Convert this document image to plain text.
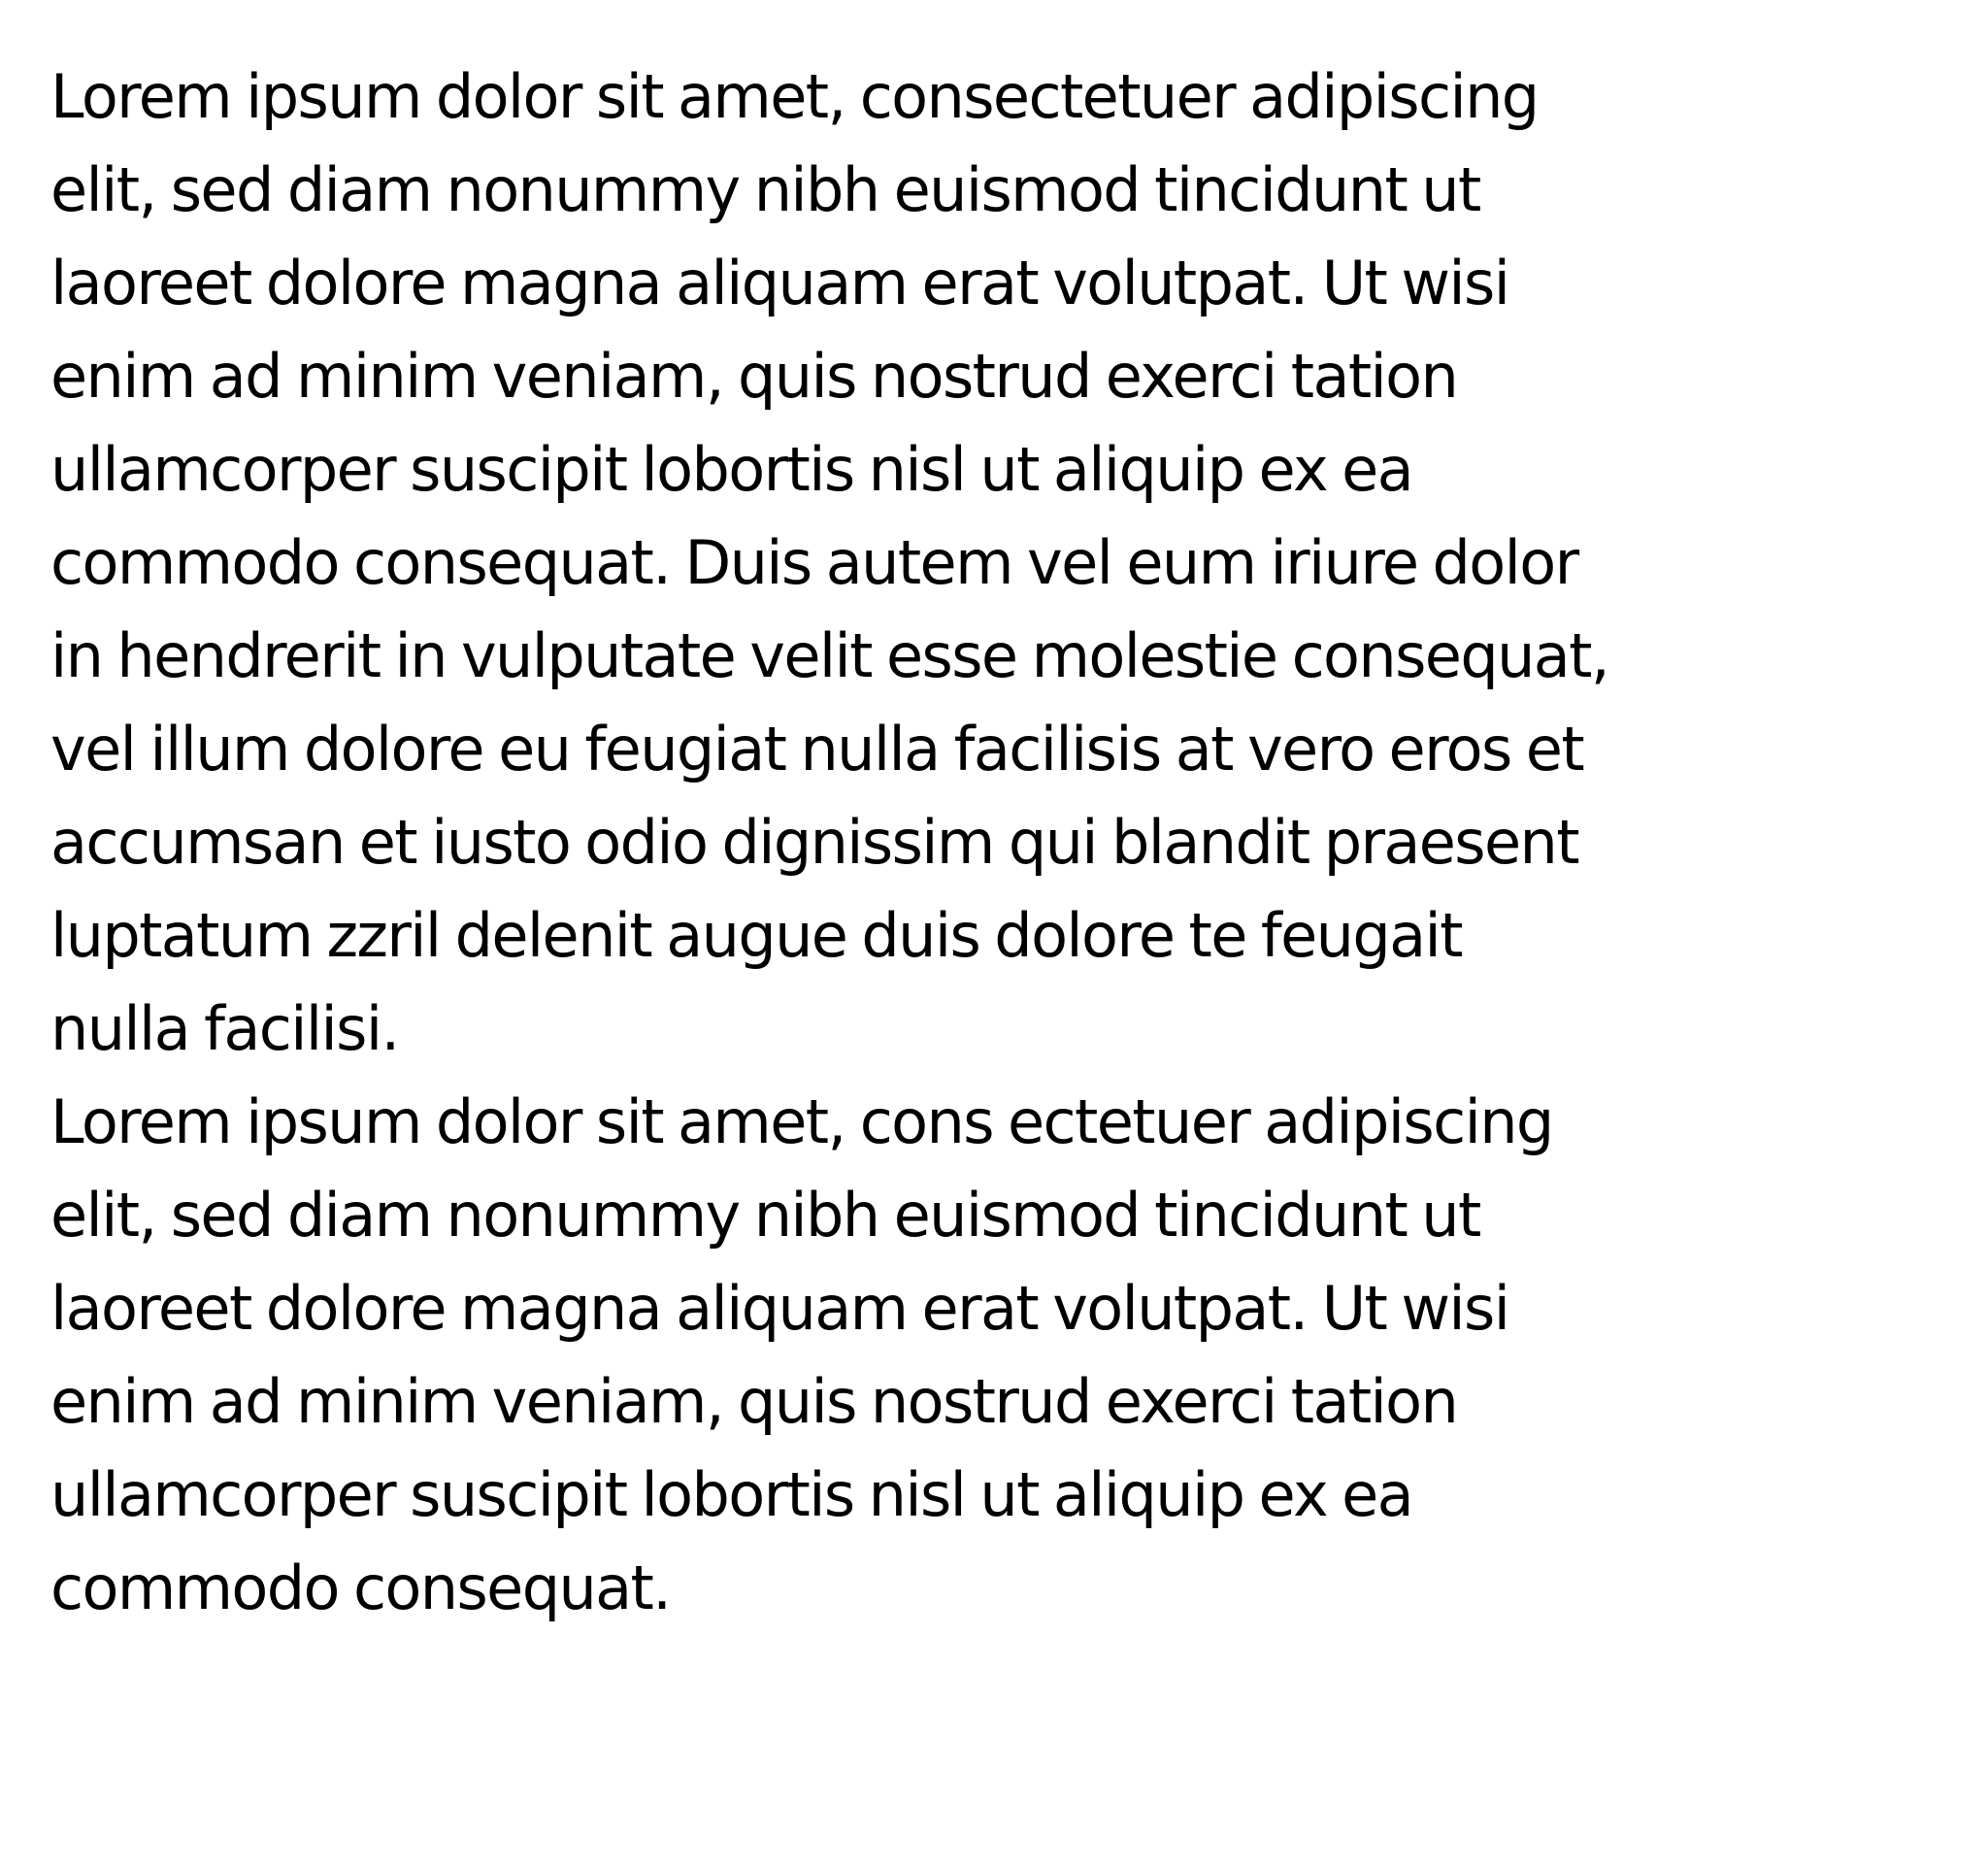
Lorem ipsum dolor sit amet, consectetuer adipiscing
elit, sed diam nonummy nibh euismod tincidunt ut
laoreet dolore magna aliquam erat volutpat. Ut wisi
enim ad minim veniam, quis nostrud exerci tation
ullamcorper suscipit lobortis nisl ut aliquip ex ea
commodo consequat. Duis autem vel eum iriure dolor
in hendrerit in vulputate velit esse molestie consequat,
vel illum dolore eu feugiat nulla facilisis at vero eros et
accumsan et iusto odio dignissim qui blandit praesent
luptatum zzril delenit augue duis dolore te feugait
nulla facilisi.
Lorem ipsum dolor sit amet, cons ectetuer adipiscing
elit, sed diam nonummy nibh euismod tincidunt ut
laoreet dolore magna aliquam erat volutpat. Ut wisi
enim ad minim veniam, quis nostrud exerci tation
ullamcorper suscipit lobortis nisl ut aliquip ex ea
commodo consequat.
